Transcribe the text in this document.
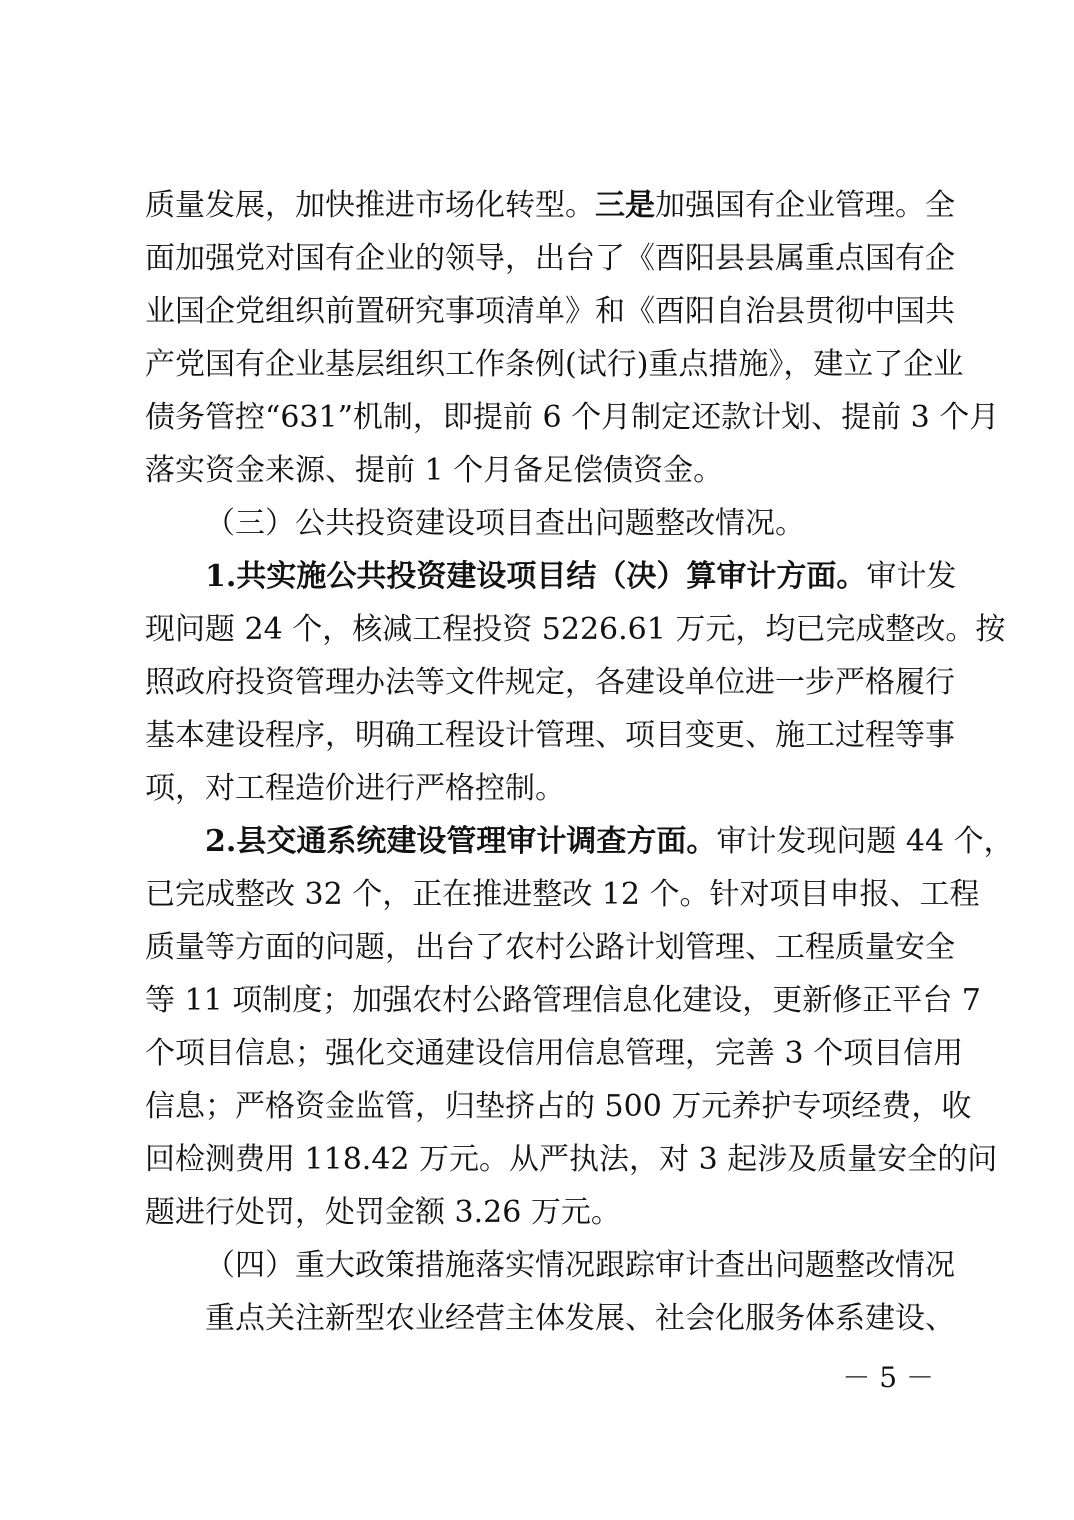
质量发展，加快推进市场化转型。三是加强国有企业管理。全
面加强党对国有企业的领导，出台了《酉阳县县属重点国有企
业国企党组织前置研究事项清单》和《酉阳自治县贯彻中国共
产党国有企业基层组织工作条例(试行)重点措施》，建立了企业
债务管控“631”机制，即提前 6 个月制定还款计划、提前 3 个月
落实资金来源、提前 1 个月备足偿债资金。
（三）公共投资建设项目查出问题整改情况。
1.共实施公共投资建设项目结（决）算审计方面。审计发
现问题 24 个，核减工程投资 5226.61 万元，均已完成整改。按
照政府投资管理办法等文件规定，各建设单位进一步严格履行
基本建设程序，明确工程设计管理、项目变更、施工过程等事
项，对工程造价进行严格控制。
2.县交通系统建设管理审计调查方面。审计发现问题 44 个，
已完成整改 32 个，正在推进整改 12 个。针对项目申报、工程
质量等方面的问题，出台了农村公路计划管理、工程质量安全
等 11 项制度；加强农村公路管理信息化建设，更新修正平台 7
个项目信息；强化交通建设信用信息管理，完善 3 个项目信用
信息；严格资金监管，归垫挤占的 500 万元养护专项经费，收
回检测费用 118.42 万元。从严执法，对 3 起涉及质量安全的问
题进行处罚，处罚金额 3.26 万元。
（四）重大政策措施落实情况跟踪审计查出问题整改情况
重点关注新型农业经营主体发展、社会化服务体系建设、
－ 5 －
